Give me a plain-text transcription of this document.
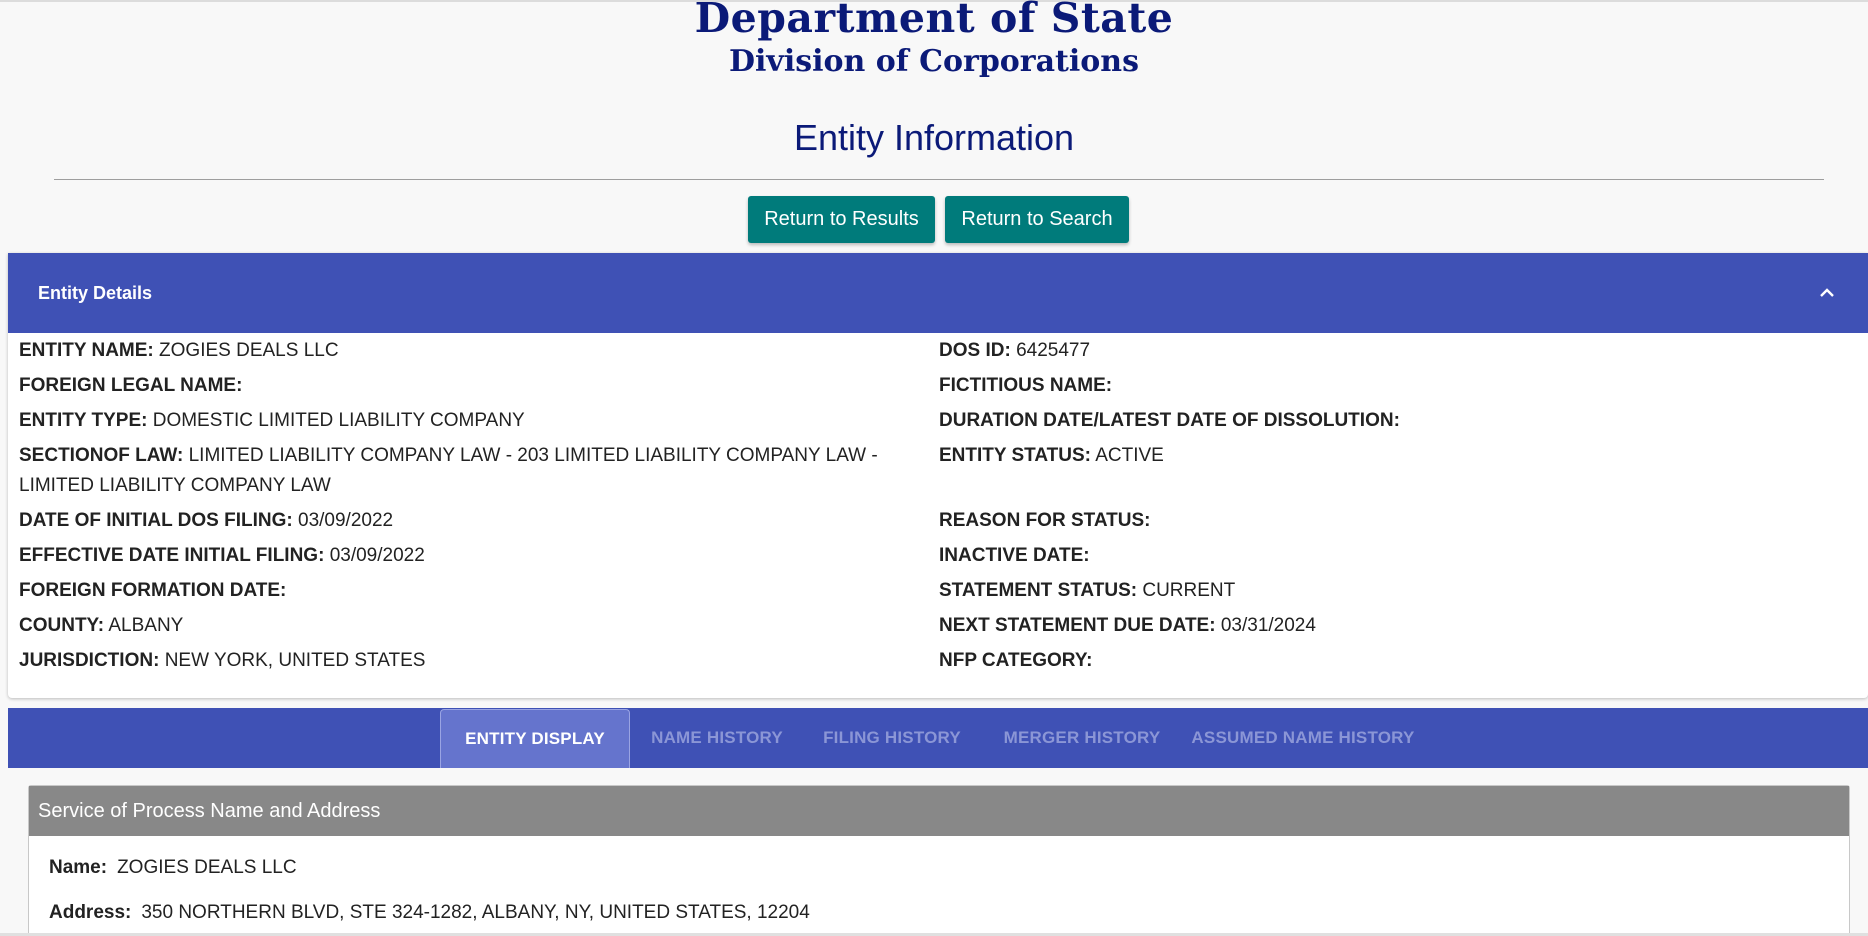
Department of State
Division of Corporations
Entity Information
Return to Results	Return to Search
Entity Details
ENTITY NAME: ZOGIES DEALS LLC
FOREIGN LEGAL NAME:
ENTITY TYPE: DOMESTIC LIMITED LIABILITY COMPANY
SECTIONOF LAW: LIMITED LIABILITY COMPANY LAW - 203 LIMITED LIABILITY COMPANY LAW - LIMITED LIABILITY COMPANY LAW
DATE OF INITIAL DOS FILING: 03/09/2022
EFFECTIVE DATE INITIAL FILING: 03/09/2022
FOREIGN FORMATION DATE:
COUNTY: ALBANY
JURISDICTION: NEW YORK, UNITED STATES
DOS ID: 6425477
FICTITIOUS NAME:
DURATION DATE/LATEST DATE OF DISSOLUTION:
ENTITY STATUS: ACTIVE
REASON FOR STATUS:
INACTIVE DATE:
STATEMENT STATUS: CURRENT
NEXT STATEMENT DUE DATE: 03/31/2024
NFP CATEGORY:
ENTITY DISPLAY	NAME HISTORY	FILING HISTORY	MERGER HISTORY	ASSUMED NAME HISTORY
Service of Process Name and Address
Name: ZOGIES DEALS LLC
Address: 350 NORTHERN BLVD, STE 324-1282, ALBANY, NY, UNITED STATES, 12204
